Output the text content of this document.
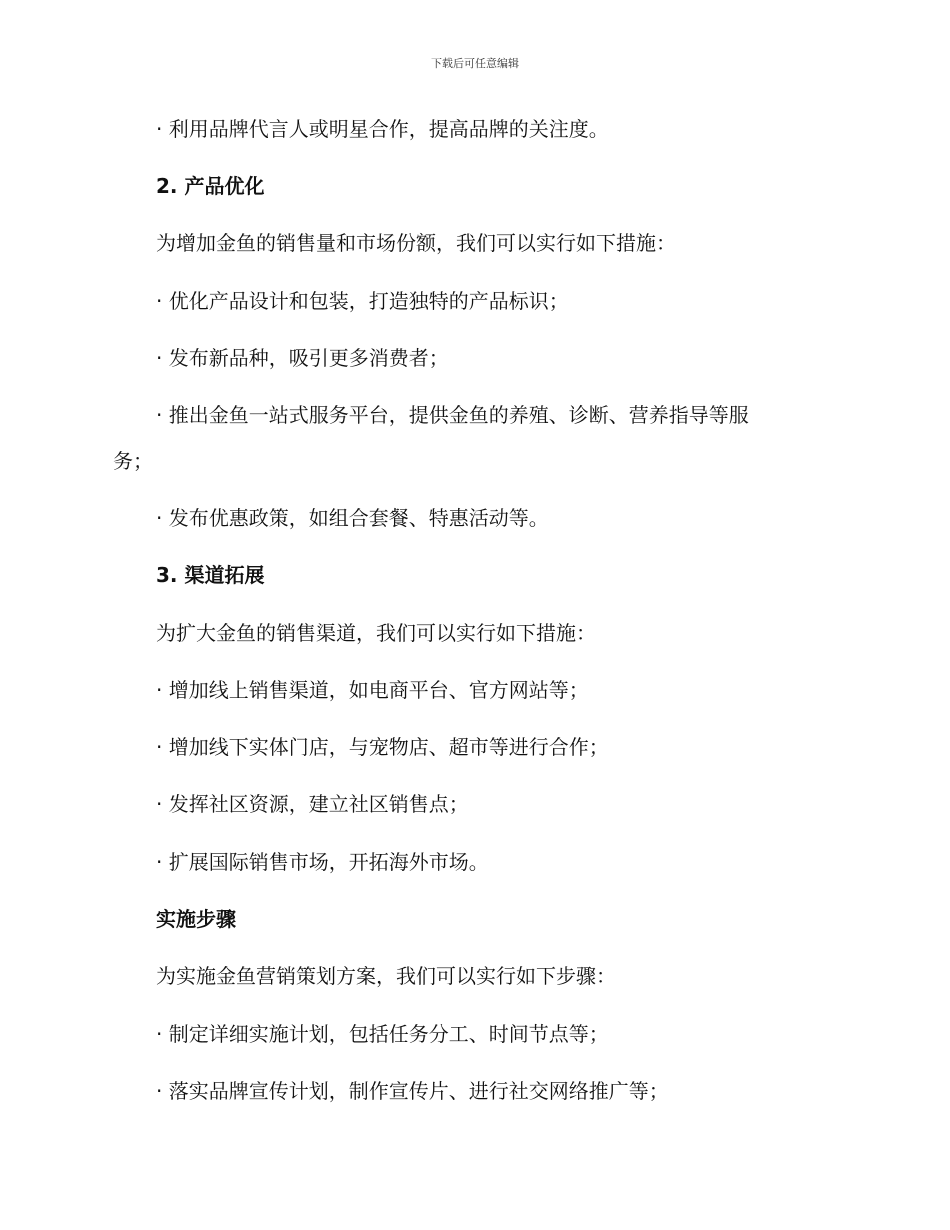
下载后可任意编辑
· 利用品牌代言人或明星合作，提高品牌的关注度。
2. 产品优化
为增加金鱼的销售量和市场份额，我们可以实行如下措施：
· 优化产品设计和包装，打造独特的产品标识；
· 发布新品种，吸引更多消费者；
· 推出金鱼一站式服务平台，提供金鱼的养殖、诊断、营养指导等服
务；
· 发布优惠政策，如组合套餐、特惠活动等。
3. 渠道拓展
为扩大金鱼的销售渠道，我们可以实行如下措施：
· 增加线上销售渠道，如电商平台、官方网站等；
· 增加线下实体门店，与宠物店、超市等进行合作；
· 发挥社区资源，建立社区销售点；
· 扩展国际销售市场，开拓海外市场。
实施步骤
为实施金鱼营销策划方案，我们可以实行如下步骤：
· 制定详细实施计划，包括任务分工、时间节点等；
· 落实品牌宣传计划，制作宣传片、进行社交网络推广等；
